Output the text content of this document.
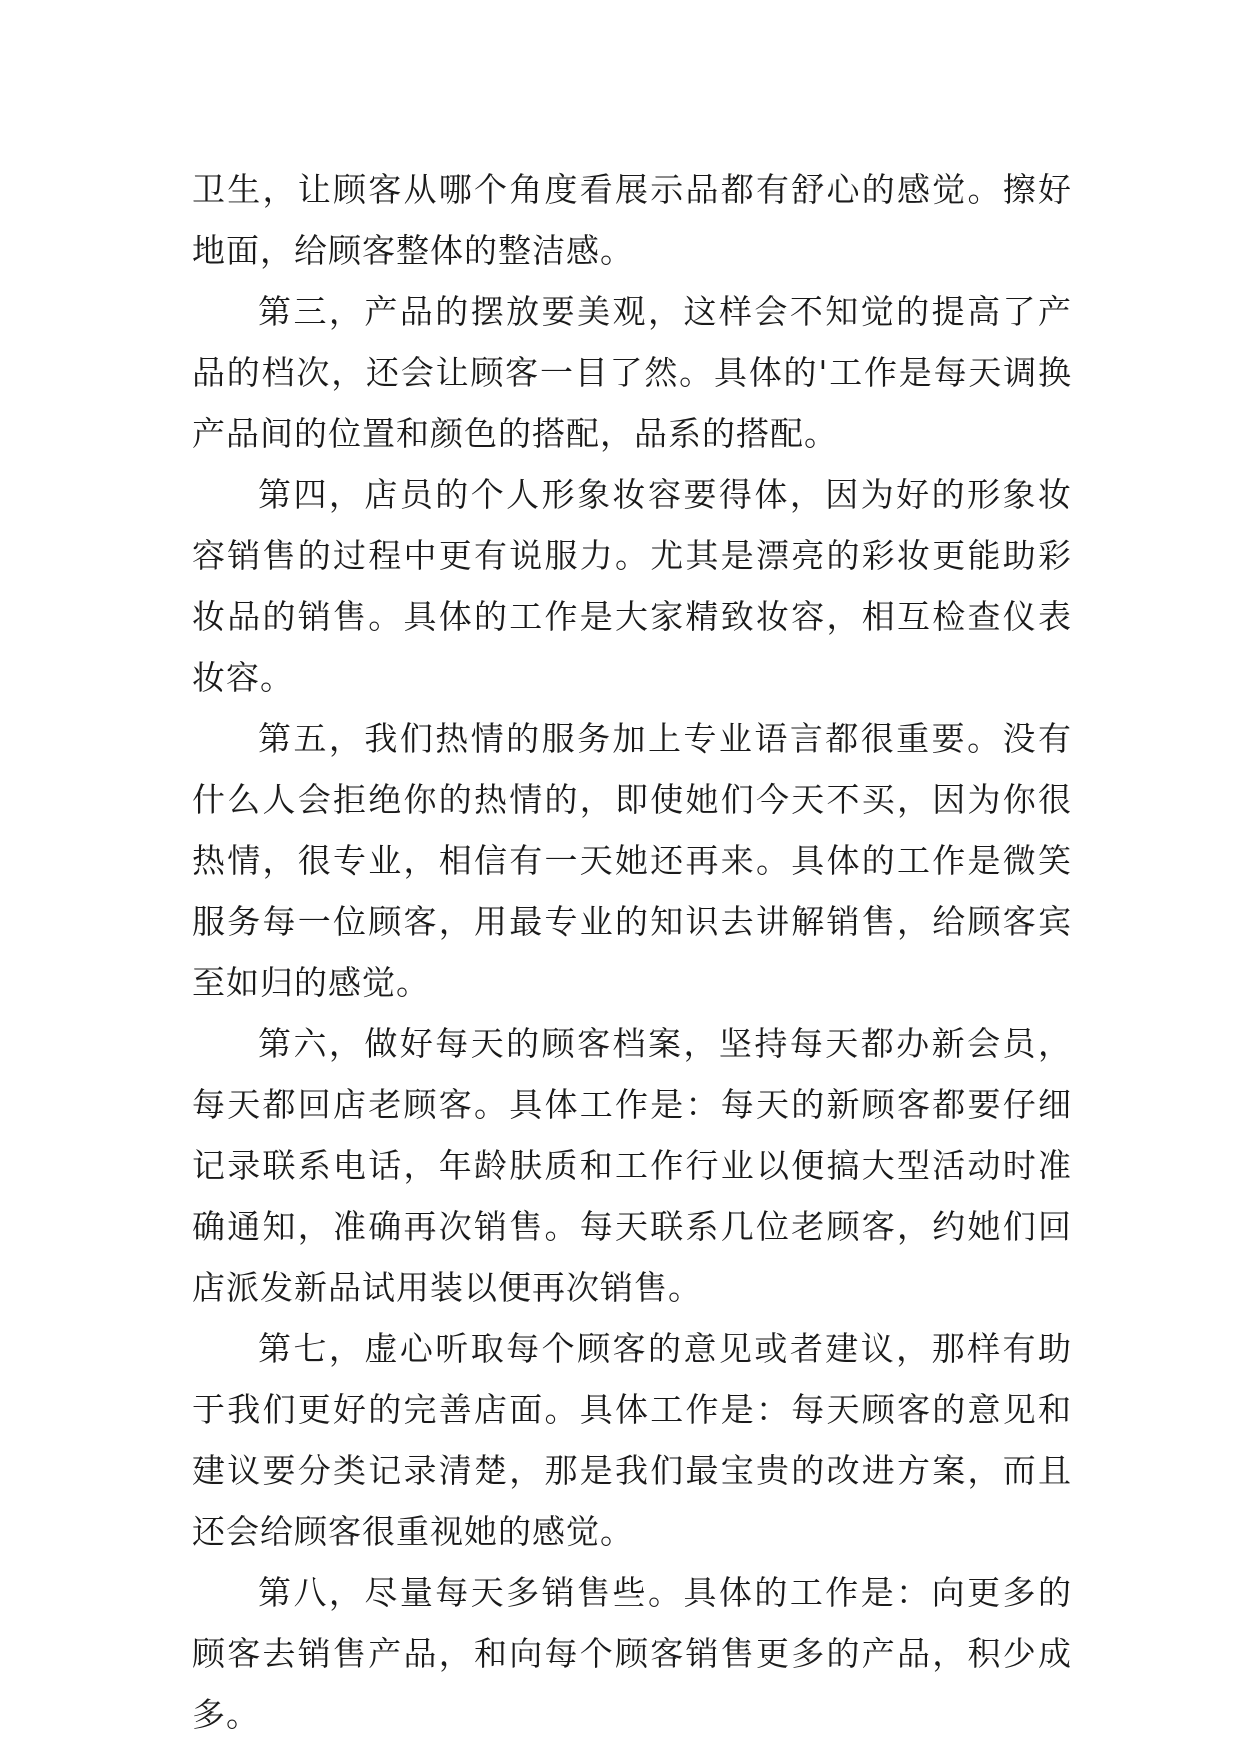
卫生，让顾客从哪个角度看展示品都有舒心的感觉。擦好地面，给顾客整体的整洁感。

第三，产品的摆放要美观，这样会不知觉的提高了产品的档次，还会让顾客一目了然。具体的'工作是每天调换产品间的位置和颜色的搭配，品系的搭配。

第四，店员的个人形象妆容要得体，因为好的形象妆容销售的过程中更有说服力。尤其是漂亮的彩妆更能助彩妆品的销售。具体的工作是大家精致妆容，相互检查仪表妆容。

第五，我们热情的服务加上专业语言都很重要。没有什么人会拒绝你的热情的，即使她们今天不买，因为你很热情，很专业，相信有一天她还再来。具体的工作是微笑服务每一位顾客，用最专业的知识去讲解销售，给顾客宾至如归的感觉。

第六，做好每天的顾客档案，坚持每天都办新会员，每天都回店老顾客。具体工作是：每天的新顾客都要仔细记录联系电话，年龄肤质和工作行业以便搞大型活动时准确通知，准确再次销售。每天联系几位老顾客，约她们回店派发新品试用装以便再次销售。

第七，虚心听取每个顾客的意见或者建议，那样有助于我们更好的完善店面。具体工作是：每天顾客的意见和建议要分类记录清楚，那是我们最宝贵的改进方案，而且还会给顾客很重视她的感觉。

第八，尽量每天多销售些。具体的工作是：向更多的顾客去销售产品，和向每个顾客销售更多的产品，积少成多。
